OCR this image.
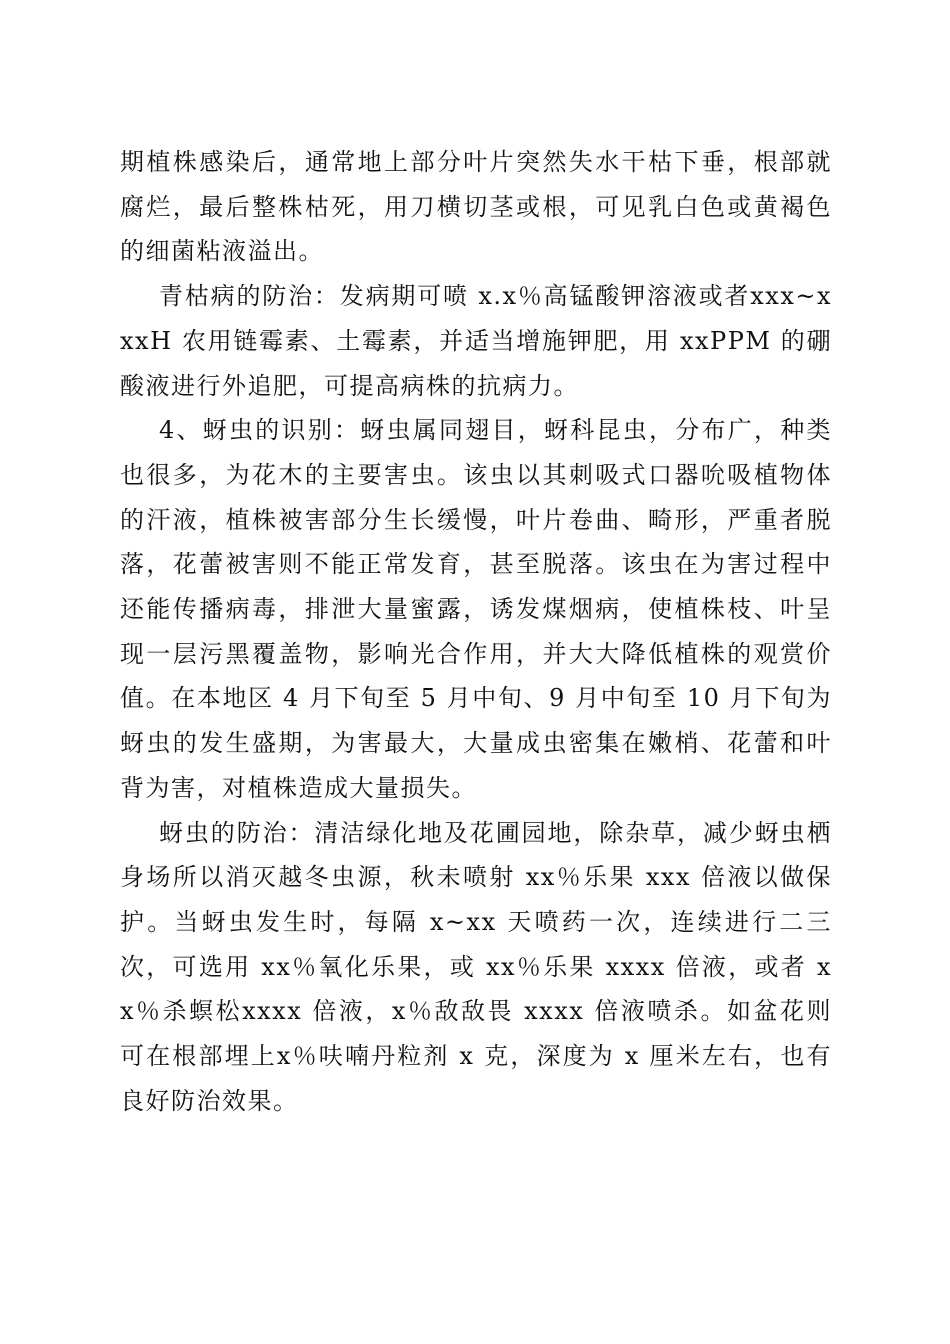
期植株感染后，通常地上部分叶片突然失水干枯下垂，根部就腐烂，最后整株枯死，用刀横切茎或根，可见乳白色或黄褐色的细菌粘液溢出。

青枯病的防治：发病期可喷 x.x％高锰酸钾溶液或者xxx~xxxH 农用链霉素、土霉素，并适当增施钾肥，用 xxPPM 的硼酸液进行外追肥，可提高病株的抗病力。

4、蚜虫的识别：蚜虫属同翅目，蚜科昆虫，分布广，种类也很多，为花木的主要害虫。该虫以其刺吸式口器吮吸植物体的汗液，植株被害部分生长缓慢，叶片卷曲、畸形，严重者脱落，花蕾被害则不能正常发育，甚至脱落。该虫在为害过程中还能传播病毒，排泄大量蜜露，诱发煤烟病，使植株枝、叶呈现一层污黑覆盖物，影响光合作用，并大大降低植株的观赏价值。在本地区 4 月下旬至 5 月中旬、9 月中旬至 10 月下旬为蚜虫的发生盛期，为害最大，大量成虫密集在嫩梢、花蕾和叶背为害，对植株造成大量损失。

蚜虫的防治：清洁绿化地及花圃园地，除杂草，减少蚜虫栖身场所以消灭越冬虫源，秋未喷射 xx％乐果 xxx 倍液以做保护。当蚜虫发生时，每隔 x~xx 天喷药一次，连续进行二三次，可选用 xx％氧化乐果，或 xx％乐果 xxxx 倍液，或者 xx％杀螟松xxxx 倍液，x％敌敌畏 xxxx 倍液喷杀。如盆花则可在根部埋上x％呋喃丹粒剂 x 克，深度为 x 厘米左右，也有良好防治效果。
